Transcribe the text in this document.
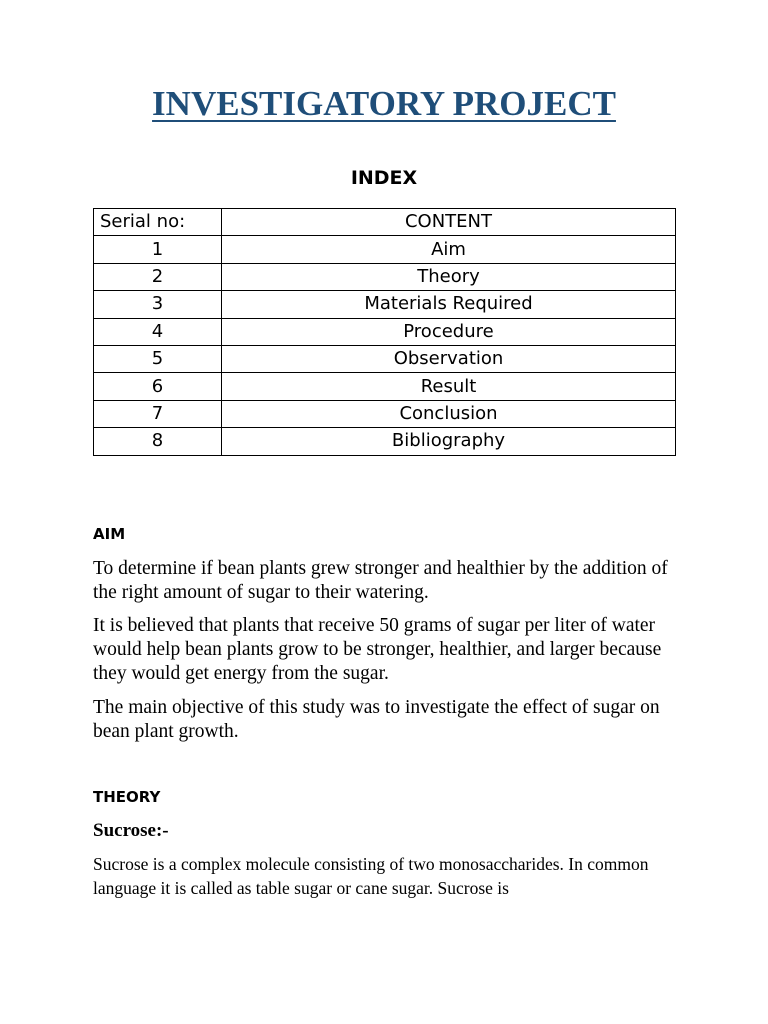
INVESTIGATORY PROJECT
INDEX
Serial no:	CONTENT
1	Aim
2	Theory
3	Materials Required
4	Procedure
5	Observation
6	Result
7	Conclusion
8	Bibliography
AIM

To determine if bean plants grew stronger and healthier by the addition of the right amount of sugar to their watering.

It is believed that plants that receive 50 grams of sugar per liter of water would help bean plants grow to be stronger, healthier, and larger because they would get energy from the sugar.

The main objective of this study was to investigate the effect of sugar on bean plant growth.

THEORY
Sucrose:-

Sucrose is a complex molecule consisting of two monosaccharides. In common language it is called as table sugar or cane sugar. Sucrose is
